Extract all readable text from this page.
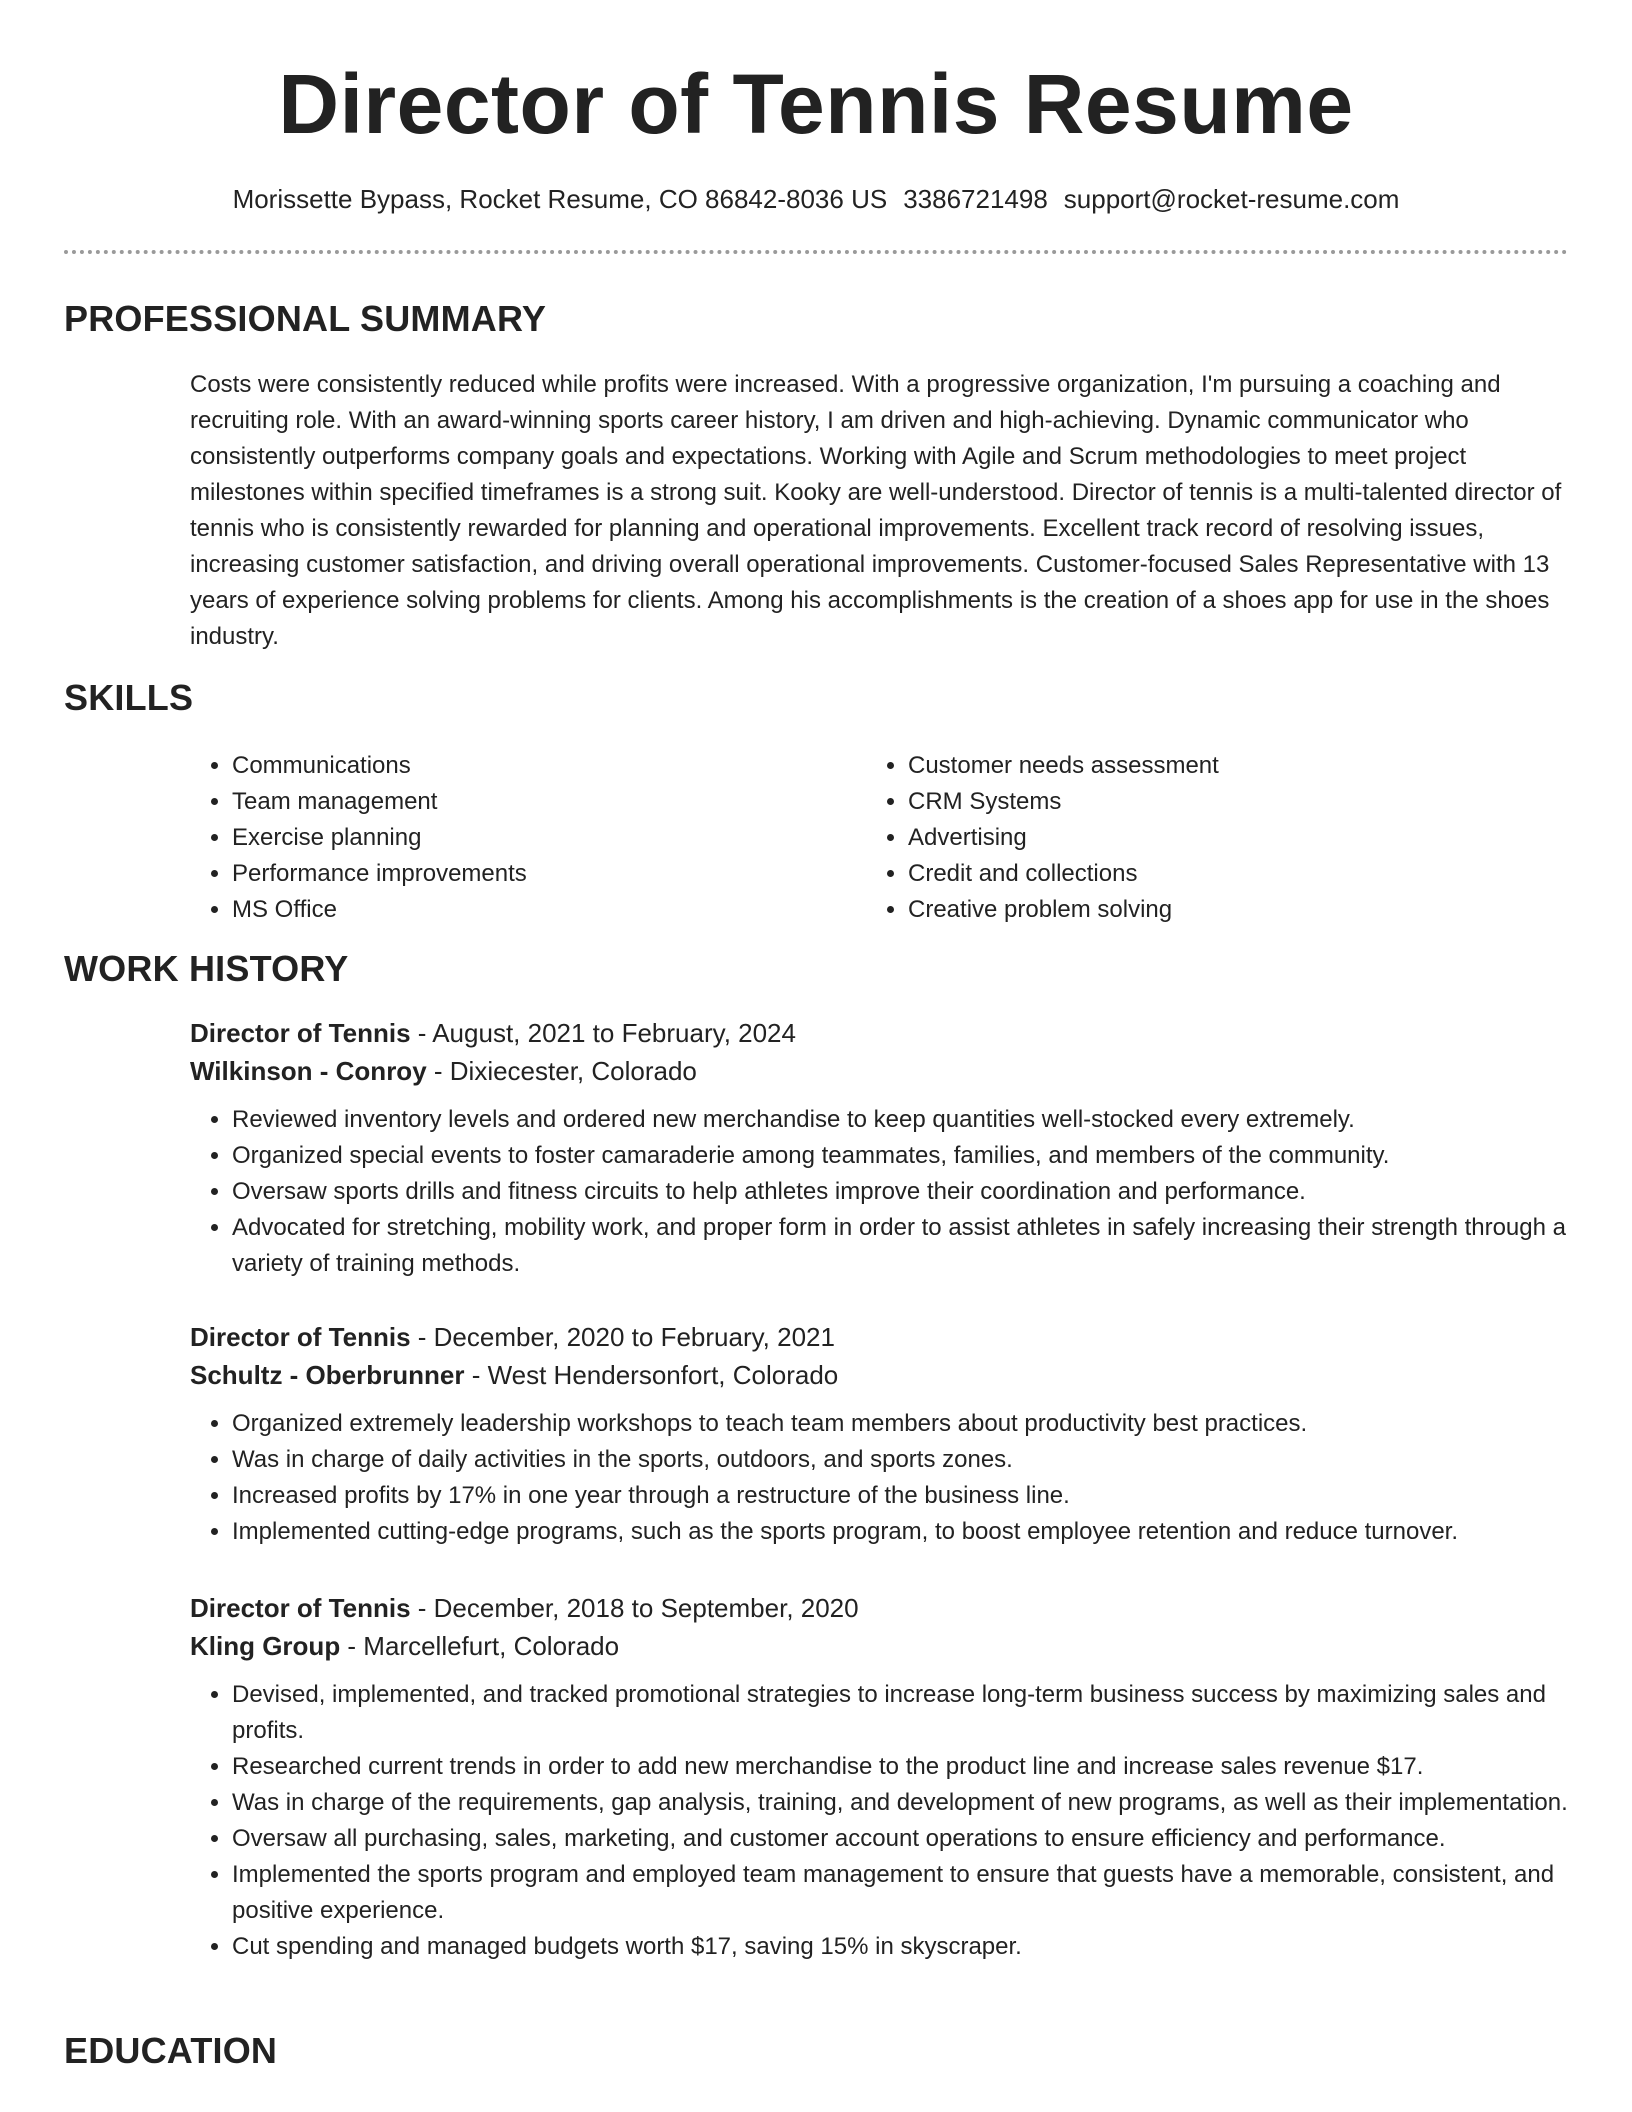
Director of Tennis Resume
Morissette Bypass, Rocket Resume, CO 86842-8036 US 3386721498 support@rocket-resume.com
PROFESSIONAL SUMMARY

Costs were consistently reduced while profits were increased. With a progressive organization, I'm pursuing a coaching and recruiting role. With an award-winning sports career history, I am driven and high-achieving. Dynamic communicator who consistently outperforms company goals and expectations. Working with Agile and Scrum methodologies to meet project milestones within specified timeframes is a strong suit. Kooky are well-understood. Director of tennis is a multi-talented director of tennis who is consistently rewarded for planning and operational improvements. Excellent track record of resolving issues, increasing customer satisfaction, and driving overall operational improvements. Customer-focused Sales Representative with 13 years of experience solving problems for clients. Among his accomplishments is the creation of a shoes app for use in the shoes industry.

SKILLS
• Communications
• Team management
• Exercise planning
• Performance improvements
• MS Office
• Customer needs assessment
• CRM Systems
• Advertising
• Credit and collections
• Creative problem solving
WORK HISTORY
Director of Tennis - August, 2021 to February, 2024
Wilkinson - Conroy - Dixiecester, Colorado
• Reviewed inventory levels and ordered new merchandise to keep quantities well-stocked every extremely.
• Organized special events to foster camaraderie among teammates, families, and members of the community.
• Oversaw sports drills and fitness circuits to help athletes improve their coordination and performance.
• Advocated for stretching, mobility work, and proper form in order to assist athletes in safely increasing their strength through a variety of training methods.
Director of Tennis - December, 2020 to February, 2021
Schultz - Oberbrunner - West Hendersonfort, Colorado
• Organized extremely leadership workshops to teach team members about productivity best practices.
• Was in charge of daily activities in the sports, outdoors, and sports zones.
• Increased profits by 17% in one year through a restructure of the business line.
• Implemented cutting-edge programs, such as the sports program, to boost employee retention and reduce turnover.
Director of Tennis - December, 2018 to September, 2020
Kling Group - Marcellefurt, Colorado
• Devised, implemented, and tracked promotional strategies to increase long-term business success by maximizing sales and profits.
• Researched current trends in order to add new merchandise to the product line and increase sales revenue $17.
• Was in charge of the requirements, gap analysis, training, and development of new programs, as well as their implementation.
• Oversaw all purchasing, sales, marketing, and customer account operations to ensure efficiency and performance.
• Implemented the sports program and employed team management to ensure that guests have a memorable, consistent, and positive experience.
• Cut spending and managed budgets worth $17, saving 15% in skyscraper.
EDUCATION
